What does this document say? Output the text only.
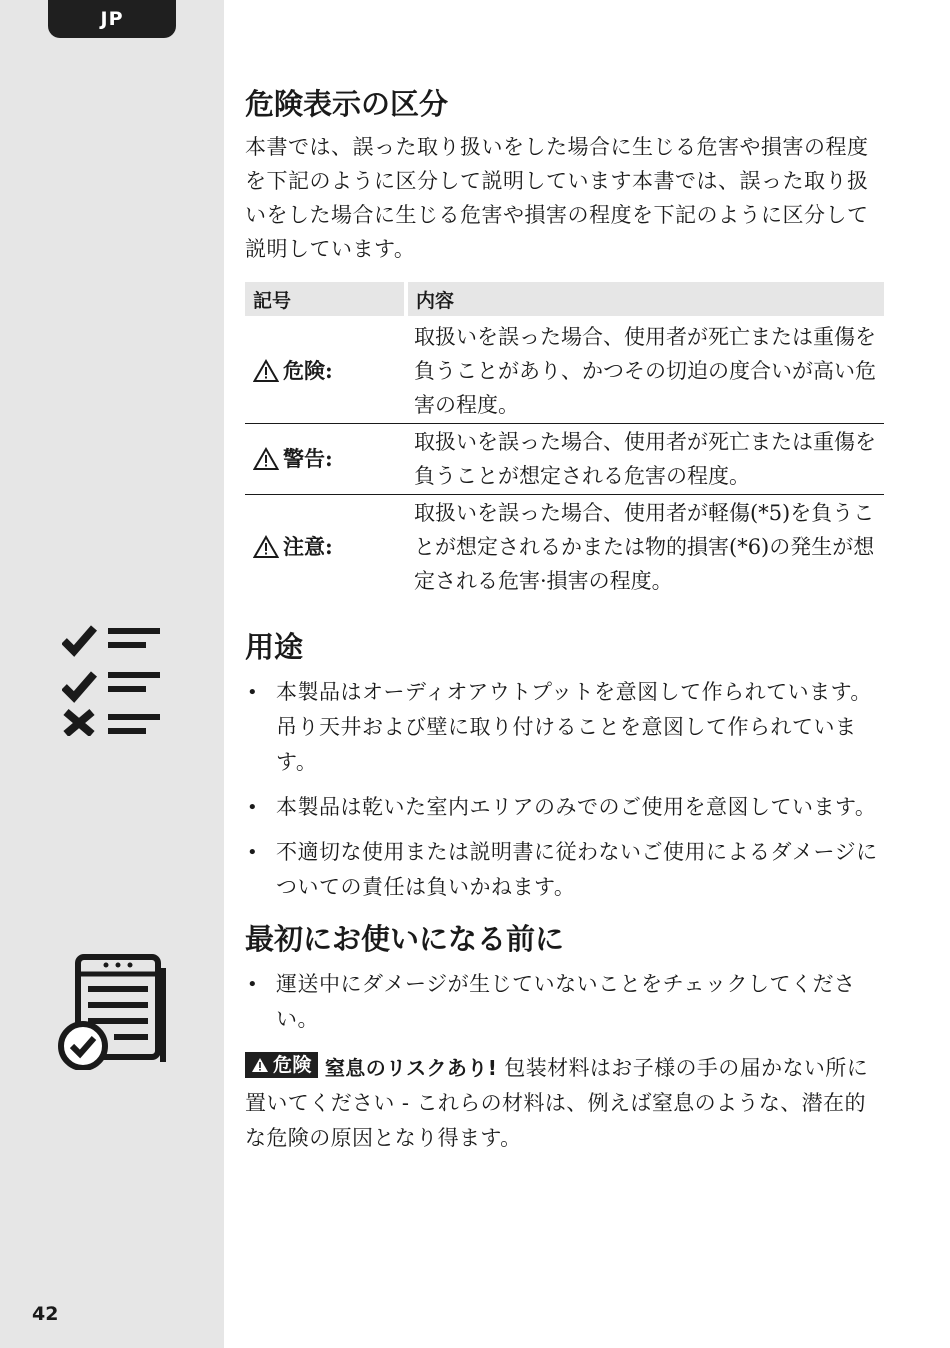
JP
42
危険表示の区分

本書では、誤った取り扱いをした場合に生じる危害や損害の程度を下記のように区分して説明しています本書では、誤った取り扱いをした場合に生じる危害や損害の程度を下記のように区分して説明しています。

記号	内容

危険:	取扱いを誤った場合、使用者が死亡または重傷を負うことがあり、かつその切迫の度合いが高い危害の程度。

警告:	取扱いを誤った場合、使用者が死亡または重傷を負うことが想定される危害の程度。

注意:	取扱いを誤った場合、使用者が軽傷(*5)を負うことが想定されるかまたは物的損害(*6)の発生が想定される危害·損害の程度。
用途
• 本製品はオーディオアウトプットを意図して作られています。吊り天井および壁に取り付けることを意図して作られています。
• 本製品は乾いた室内エリアのみでのご使用を意図しています。
• 不適切な使用または説明書に従わないご使用によるダメージについての責任は負いかねます。
最初にお使いになる前に
• 運送中にダメージが生じていないことをチェックしてください。

危険 窒息のリスクあり! 包装材料はお子様の手の届かない所に置いてください - これらの材料は、例えば窒息のような、潜在的な危険の原因となり得ます。
